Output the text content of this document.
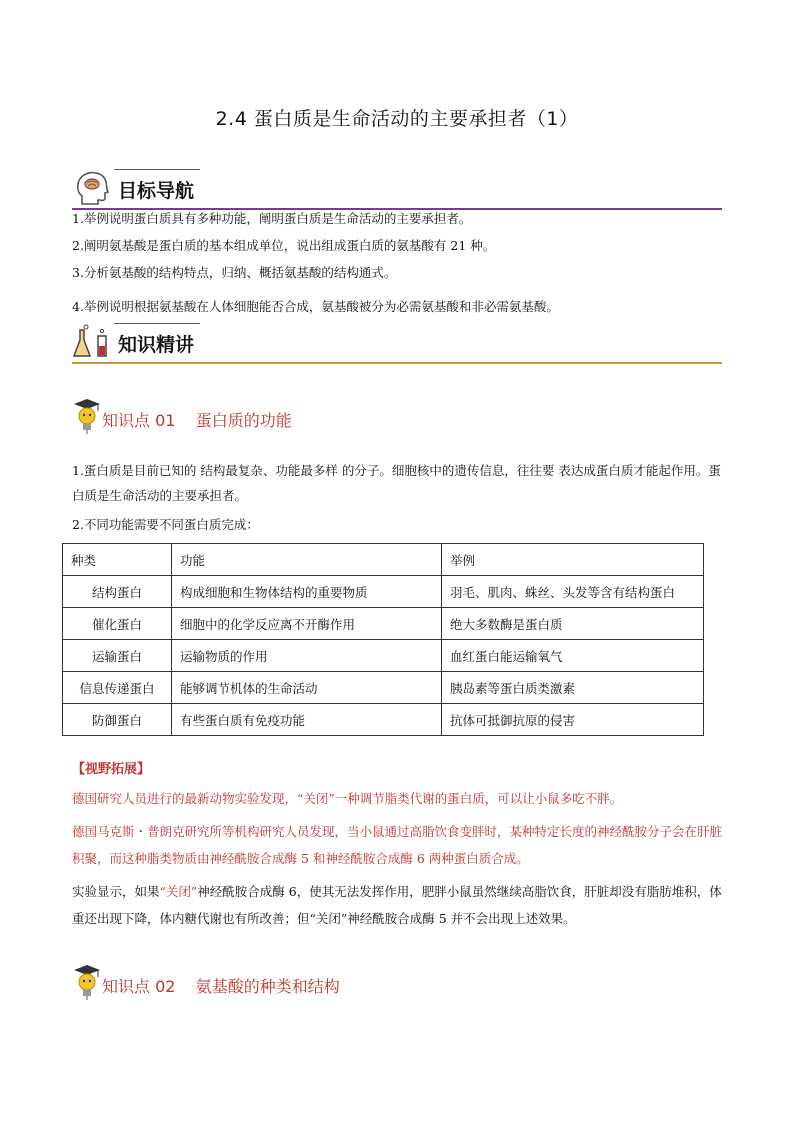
2.4 蛋白质是生命活动的主要承担者（1）
目标导航
1.举例说明蛋白质具有多种功能，阐明蛋白质是生命活动的主要承担者。
2.阐明氨基酸是蛋白质的基本组成单位，说出组成蛋白质的氨基酸有 21 种。
3.分析氨基酸的结构特点，归纳、概括氨基酸的结构通式。
4.举例说明根据氨基酸在人体细胞能否合成，氨基酸被分为必需氨基酸和非必需氨基酸。
知识精讲
知识点 01    蛋白质的功能
1.蛋白质是目前已知的 结构最复杂、功能最多样 的分子。细胞核中的遗传信息，往往要 表达成蛋白质才能起作用。蛋白质是生命活动的主要承担者。
2.不同功能需要不同蛋白质完成：
种类	功能	举例
结构蛋白	构成细胞和生物体结构的重要物质	羽毛、肌肉、蛛丝、头发等含有结构蛋白
催化蛋白	细胞中的化学反应离不开酶作用	绝大多数酶是蛋白质
运输蛋白	运输物质的作用	血红蛋白能运输氧气
信息传递蛋白	能够调节机体的生命活动	胰岛素等蛋白质类激素
防御蛋白	有些蛋白质有免疫功能	抗体可抵御抗原的侵害
【视野拓展】
德国研究人员进行的最新动物实验发现，“关闭”一种调节脂类代谢的蛋白质，可以让小鼠多吃不胖。
德国马克斯・普朗克研究所等机构研究人员发现，当小鼠通过高脂饮食变胖时，某种特定长度的神经酰胺分子会在肝脏积聚，而这种脂类物质由神经酰胺合成酶 5 和神经酰胺合成酶 6 两种蛋白质合成。
实验显示，如果“关闭”神经酰胺合成酶 6，使其无法发挥作用，肥胖小鼠虽然继续高脂饮食，肝脏却没有脂肪堆积，体重还出现下降，体内糖代谢也有所改善；但“关闭”神经酰胺合成酶 5 并不会出现上述效果。
知识点 02    氨基酸的种类和结构
